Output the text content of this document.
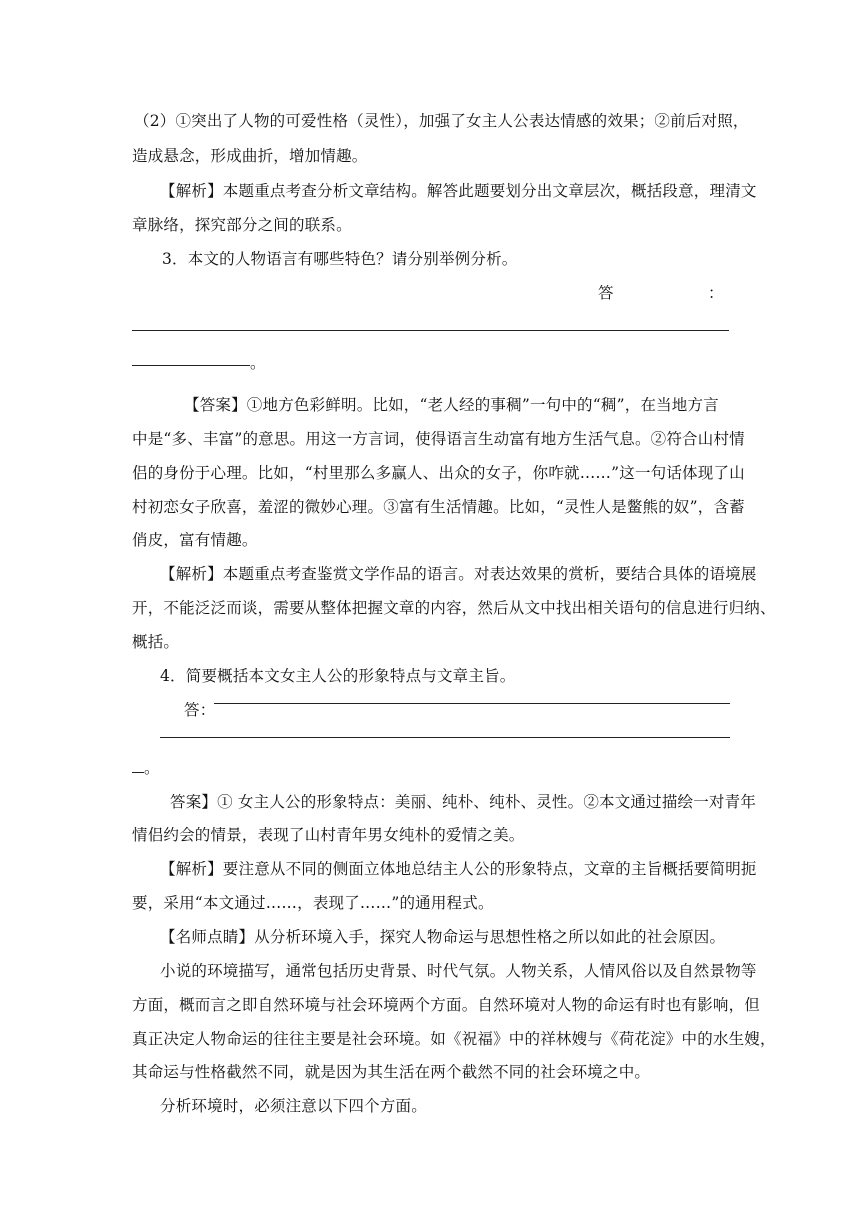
（2）①突出了人物的可爱性格（灵性），加强了女主人公表达情感的效果；②前后对照，
造成悬念，形成曲折，增加情趣。
【解析】本题重点考查分析文章结构。解答此题要划分出文章层次，概括段意，理清文
章脉络，探究部分之间的联系。
3．本文的人物语言有哪些特色？请分别举例分析。
答	：
。
【答案】①地方色彩鲜明。比如，“老人经的事稠”一句中的“稠”，在当地方言
中是“多、丰富”的意思。用这一方言词，使得语言生动富有地方生活气息。②符合山村情
侣的身份于心理。比如，“村里那么多赢人、出众的女子，你咋就……”这一句话体现了山
村初恋女子欣喜，羞涩的微妙心理。③富有生活情趣。比如，“灵性人是鳖熊的奴”，含蓄
俏皮，富有情趣。
【解析】本题重点考查鉴赏文学作品的语言。对表达效果的赏析，要结合具体的语境展
开，不能泛泛而谈，需要从整体把握文章的内容，然后从文中找出相关语句的信息进行归纳、
概括。
4．简要概括本文女主人公的形象特点与文章主旨。
答：
。
答案】① 女主人公的形象特点：美丽、纯朴、纯朴、灵性。②本文通过描绘一对青年
情侣约会的情景，表现了山村青年男女纯朴的爱情之美。
【解析】要注意从不同的侧面立体地总结主人公的形象特点，文章的主旨概括要简明扼
要，采用“本文通过……，表现了……”的通用程式。
【名师点睛】从分析环境入手，探究人物命运与思想性格之所以如此的社会原因。
小说的环境描写，通常包括历史背景、时代气氛。人物关系，人情风俗以及自然景物等
方面，概而言之即自然环境与社会环境两个方面。自然环境对人物的命运有时也有影响，但
真正决定人物命运的往往主要是社会环境。如《祝福》中的祥林嫂与《荷花淀》中的水生嫂，
其命运与性格截然不同，就是因为其生活在两个截然不同的社会环境之中。
分析环境时，必须注意以下四个方面。
